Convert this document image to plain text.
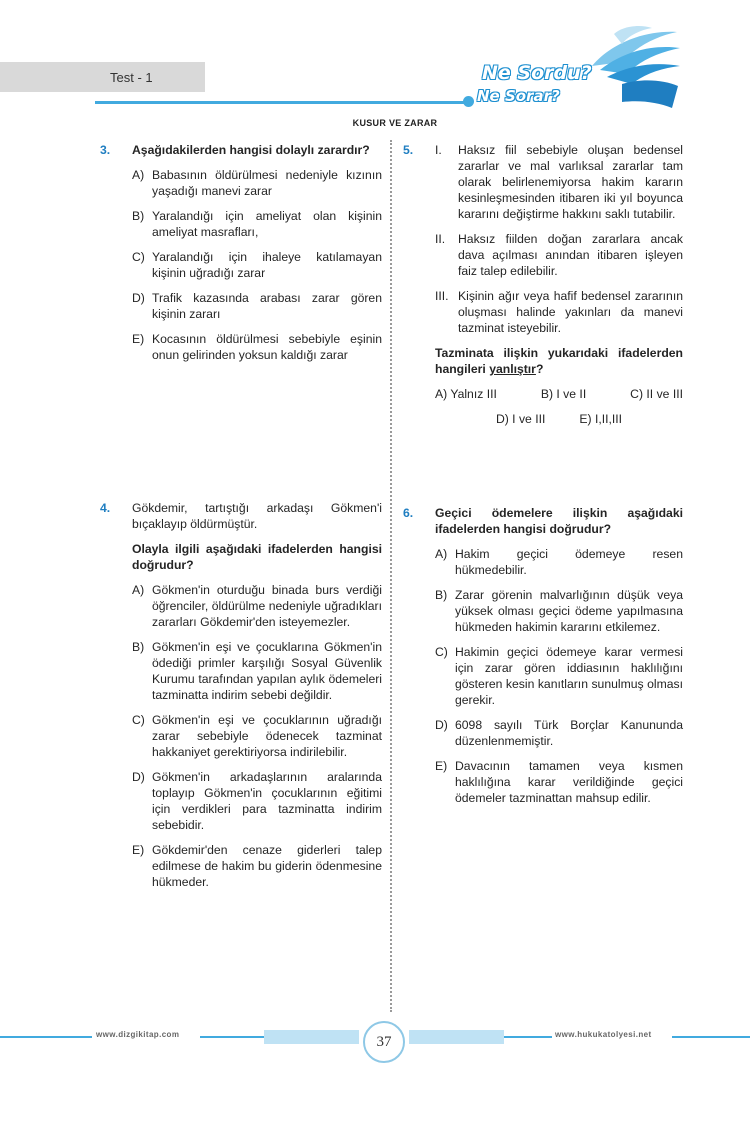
Test - 1	Ne Sordu?
Ne Sorar?
KUSUR VE ZARAR
3. Aşağıdakilerden hangisi dolaylı zarardır?
A) Babasının öldürülmesi nedeniyle kızının yaşadığı manevi zarar
B) Yaralandığı için ameliyat olan kişinin ameliyat masrafları,
C) Yaralandığı için ihaleye katılamayan kişinin uğradığı zarar
D) Trafik kazasında arabası zarar gören kişinin zararı
E) Kocasının öldürülmesi sebebiyle eşinin onun gelirinden yoksun kaldığı zarar
4. Gökdemir, tartıştığı arkadaşı Gökmen'i bıçaklayıp öldürmüştür.
Olayla ilgili aşağıdaki ifadelerden hangisi doğrudur?
A) Gökmen'in oturduğu binada burs verdiği öğrenciler, öldürülme nedeniyle uğradıkları zararları Gökdemir'den isteyemezler.
B) Gökmen'in eşi ve çocuklarına Gökmen'in ödediği primler karşılığı Sosyal Güvenlik Kurumu tarafından yapılan aylık ödemeleri tazminatta indirim sebebi değildir.
C) Gökmen'in eşi ve çocuklarının uğradığı zarar sebebiyle ödenecek tazminat hakkaniyet gerektiriyorsa indirilebilir.
D) Gökmen'in arkadaşlarının aralarında toplayıp Gökmen'in çocuklarının eğitimi için verdikleri para tazminatta indirim sebebidir.
E) Gökdemir'den cenaze giderleri talep edilmese de hakim bu giderin ödenmesine hükmeder.
5. I. Haksız fiil sebebiyle oluşan bedensel zararlar ve mal varlıksal zararlar tam olarak belirlenemiyorsa hakim kararın kesinleşmesinden itibaren iki yıl boyunca kararını değiştirme hakkını saklı tutabilir.
II. Haksız fiilden doğan zararlara ancak dava açılması anından itibaren işleyen faiz talep edilebilir.
III. Kişinin ağır veya hafif bedensel zararının oluşması halinde yakınları da manevi tazminat isteyebilir.
Tazminata ilişkin yukarıdaki ifadelerden hangileri yanlıştır?
A) Yalnız III	B) I ve II	C) II ve III
D) I ve III	E) I,II,III
6. Geçici ödemelere ilişkin aşağıdaki ifadelerden hangisi doğrudur?
A) Hakim geçici ödemeye resen hükmedebilir.
B) Zarar görenin malvarlığının düşük veya yüksek olması geçici ödeme yapılmasına hükmeden hakimin kararını etkilemez.
C) Hakimin geçici ödemeye karar vermesi için zarar gören iddiasının haklılığını gösteren kesin kanıtların sunulmuş olması gerekir.
D) 6098 sayılı Türk Borçlar Kanununda düzenlenmemiştir.
E) Davacının tamamen veya kısmen haklılığına karar verildiğinde geçici ödemeler tazminattan mahsup edilir.
www.dizgikitap.com	37	www.hukukatolyesi.net
